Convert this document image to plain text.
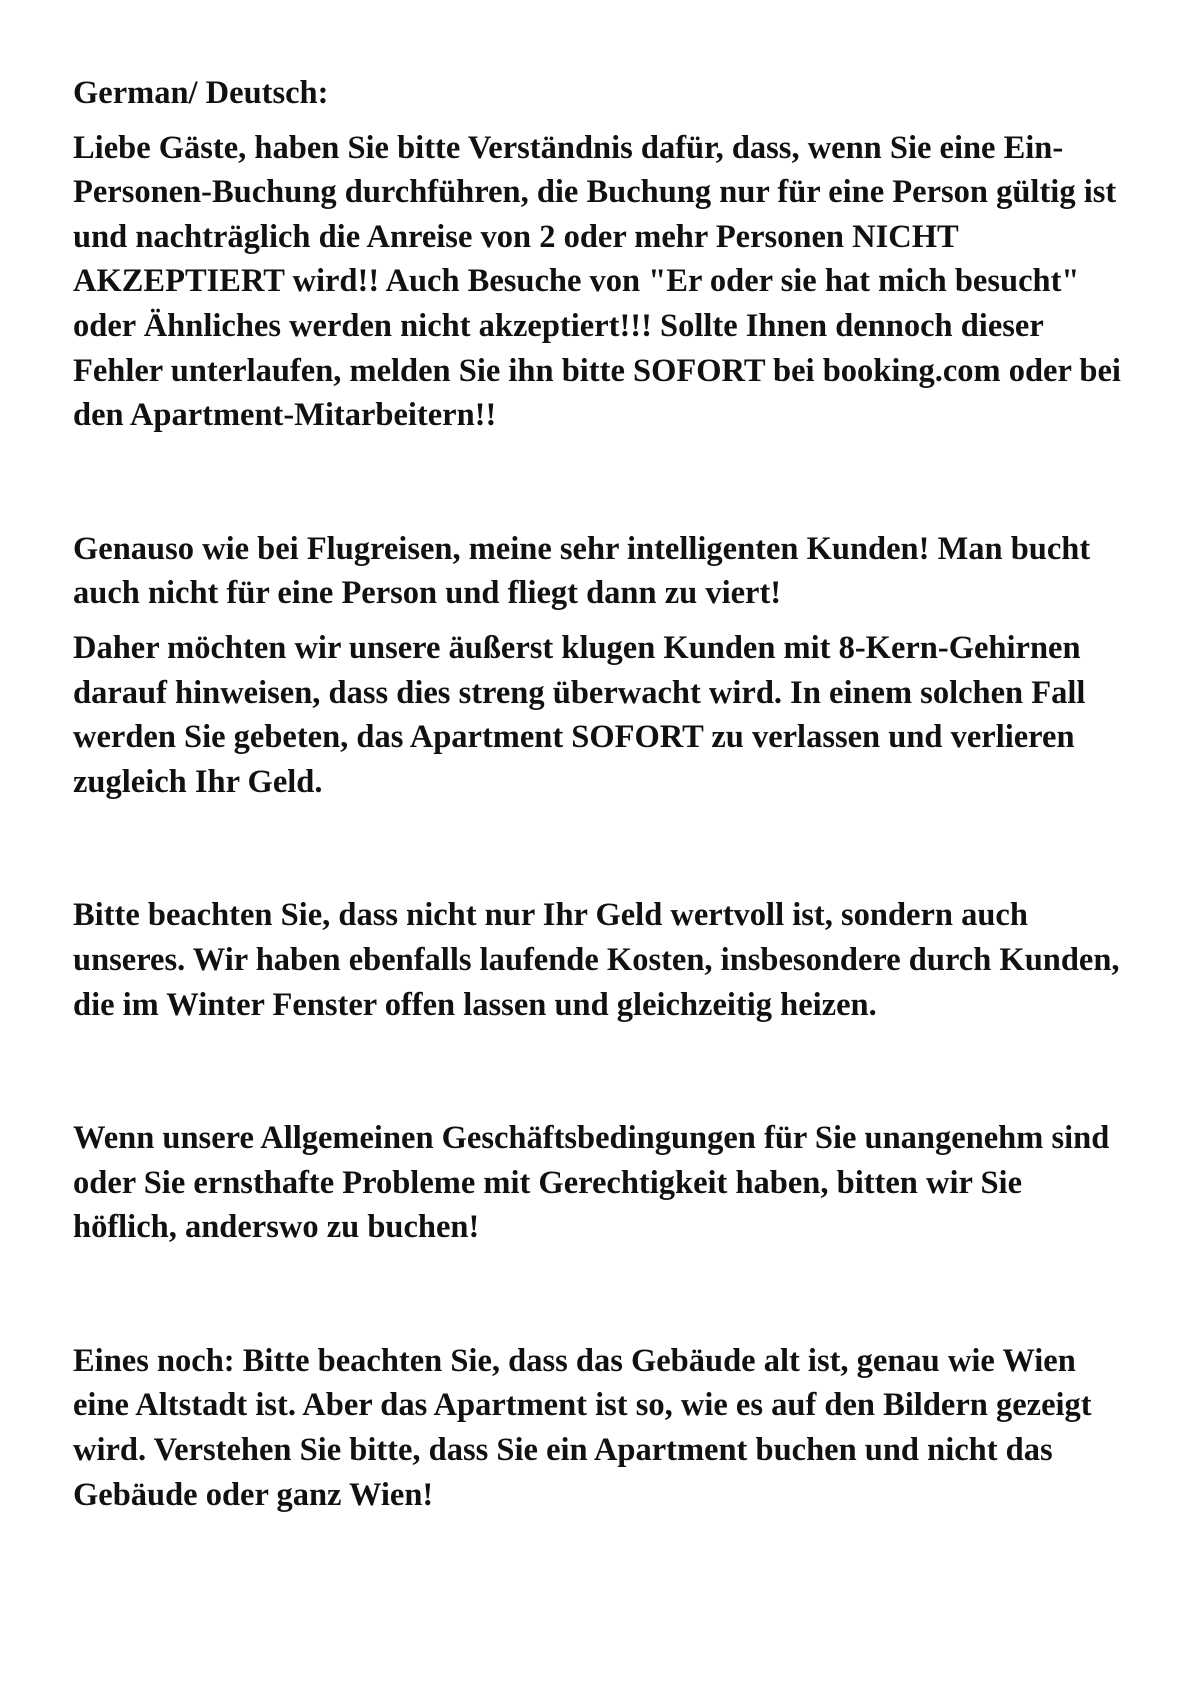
German/ Deutsch:

Liebe Gäste, haben Sie bitte Verständnis dafür, dass, wenn Sie eine Ein-Personen-Buchung durchführen, die Buchung nur für eine Person gültig ist und nachträglich die Anreise von 2 oder mehr Personen NICHT AKZEPTIERT wird!! Auch Besuche von "Er oder sie hat mich besucht" oder Ähnliches werden nicht akzeptiert!!! Sollte Ihnen dennoch dieser Fehler unterlaufen, melden Sie ihn bitte SOFORT bei booking.com oder bei den Apartment-Mitarbeitern!!

Genauso wie bei Flugreisen, meine sehr intelligenten Kunden! Man bucht auch nicht für eine Person und fliegt dann zu viert!

Daher möchten wir unsere äußerst klugen Kunden mit 8-Kern-Gehirnen darauf hinweisen, dass dies streng überwacht wird. In einem solchen Fall werden Sie gebeten, das Apartment SOFORT zu verlassen und verlieren zugleich Ihr Geld.

Bitte beachten Sie, dass nicht nur Ihr Geld wertvoll ist, sondern auch unseres. Wir haben ebenfalls laufende Kosten, insbesondere durch Kunden, die im Winter Fenster offen lassen und gleichzeitig heizen.

Wenn unsere Allgemeinen Geschäftsbedingungen für Sie unangenehm sind oder Sie ernsthafte Probleme mit Gerechtigkeit haben, bitten wir Sie höflich, anderswo zu buchen!

Eines noch: Bitte beachten Sie, dass das Gebäude alt ist, genau wie Wien eine Altstadt ist. Aber das Apartment ist so, wie es auf den Bildern gezeigt wird. Verstehen Sie bitte, dass Sie ein Apartment buchen und nicht das Gebäude oder ganz Wien!
